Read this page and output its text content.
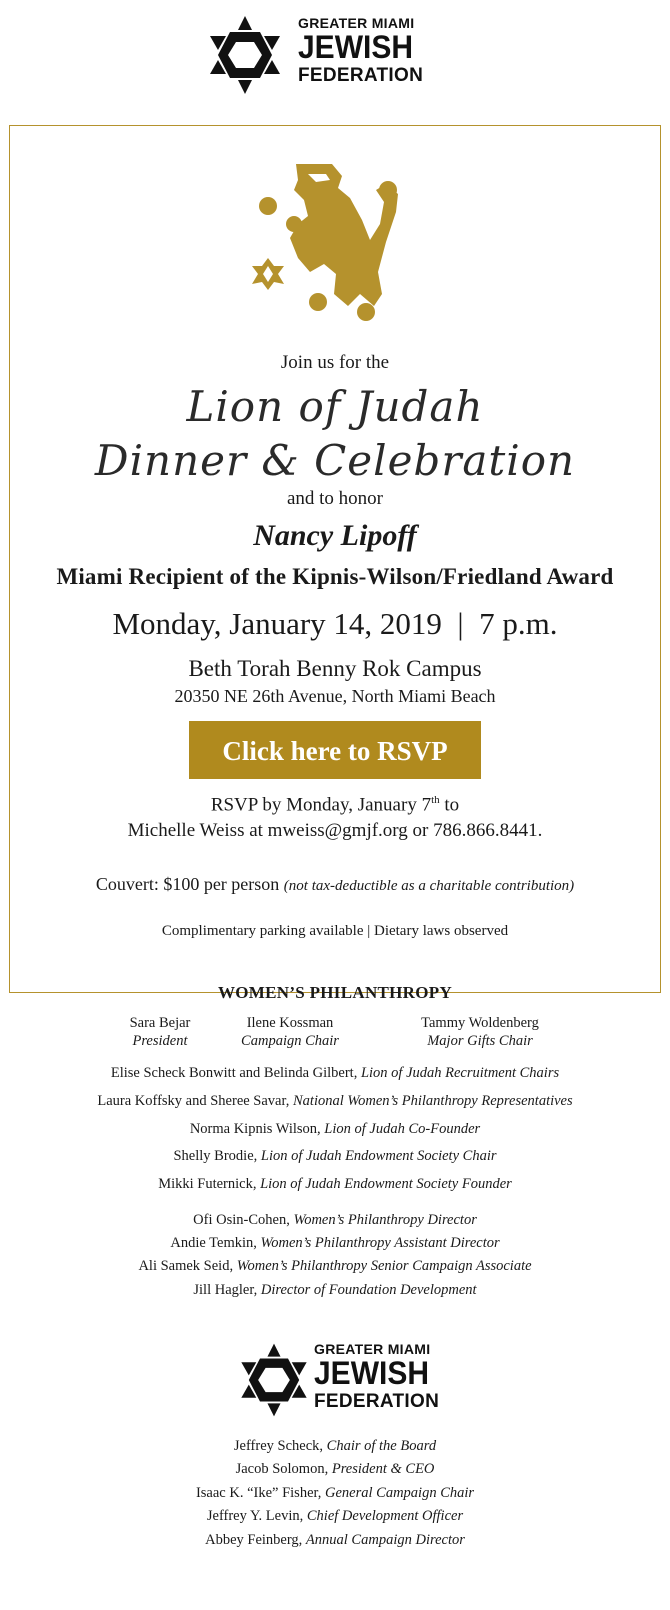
GREATER MIAMI
JEWISH
FEDERATION
Join us for the
Lion of Judah
Dinner & Celebration
and to honor
Nancy Lipoff
Miami Recipient of the Kipnis-Wilson/Friedland Award
Monday, January 14, 2019  |  7 p.m.
Beth Torah Benny Rok Campus
20350 NE 26th Avenue, North Miami Beach
Click here to RSVP
RSVP by Monday, January 7th to
Michelle Weiss at mweiss@gmjf.org or 786.866.8441.
Couvert: $100 per person (not tax-deductible as a charitable contribution)
Complimentary parking available | Dietary laws observed
WOMEN’S PHILANTHROPY
Sara Bejar
President
Ilene Kossman
Campaign Chair
Tammy Woldenberg
Major Gifts Chair
Elise Scheck Bonwitt and Belinda Gilbert, Lion of Judah Recruitment Chairs
Laura Koffsky and Sheree Savar, National Women’s Philanthropy Representatives
Norma Kipnis Wilson, Lion of Judah Co-Founder
Shelly Brodie, Lion of Judah Endowment Society Chair
Mikki Futernick, Lion of Judah Endowment Society Founder
Ofi Osin-Cohen, Women’s Philanthropy Director
Andie Temkin, Women’s Philanthropy Assistant Director
Ali Samek Seid, Women’s Philanthropy Senior Campaign Associate
Jill Hagler, Director of Foundation Development
GREATER MIAMI
JEWISH
FEDERATION
Jeffrey Scheck, Chair of the Board
Jacob Solomon, President & CEO
Isaac K. “Ike” Fisher, General Campaign Chair
Jeffrey Y. Levin, Chief Development Officer
Abbey Feinberg, Annual Campaign Director
